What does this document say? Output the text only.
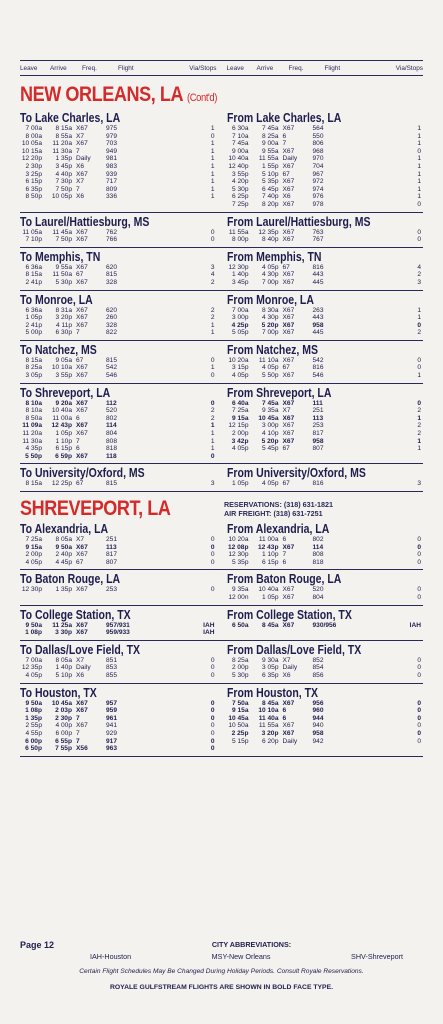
Leave	Arrive	Freq.	Flight	Via/Stops Leave	Arrive	Freq.	Flight	Via/Stops
NEW ORLEANS, LA (Cont'd)
To Lake Charles, LA
7 00a	8 15a X67	975	1
8 00a	8 55a X7	979	0
10 05a	11 20a X67	703	1
10 15a	11 30a 7	949	1
12 20p	1 35p Daily	981	1
2 30p	3 45p X6	983	1
3 25p	4 40p X67	939	1
6 15p	7 30p X7	717	1
6 35p	7 50p 7	809	1
8 50p	10 05p X6	336	1
From Lake Charles, LA
6 30a	7 45a X67	564	1
7 10a	8 25a 6	550	1
7 45a	9 00a 7	806	1
9 00a	9 55a X67	968	0
10 40a	11 55a Daily	970	1
12 40p	1 55p X67	704	1
3 55p	5 10p 67	967	1
4 20p	5 35p X67	972	1
5 30p	6 45p X67	974	1
6 25p	7 40p X6	976	1
7 25p	8 20p X67	978	0
To Laurel/Hattiesburg, MS
11 05a	11 45a X67	762	0
7 10p	7 50p X67	766	0
From Laurel/Hattiesburg, MS
11 55a	12 35p X67	763	0
8 00p	8 40p X67	767	0
To Memphis, TN
6 36a	9 55a X67	620	3
8 15a	11 50a 67	815	4
2 41p	5 30p X67	328	2
From Memphis, TN
12 30p	4 05p 67	816	4
1 40p	4 30p X67	443	2
3 45p	7 00p X67	445	3
To Monroe, LA
6 36a	8 31a X67	620	2
1 05p	3 20p X67	260	2
2 41p	4 11p X67	328	1
5 00p	6 30p 7	822	1
From Monroe, LA
7 00a	8 30a X67	263	1
3 00p	4 30p X67	443	1
4 25p	5 20p X67	958	0
5 05p	7 00p X67	445	2
To Natchez, MS
8 15a	9 05a 67	815	0
8 25a	10 10a X67	542	1
3 05p	3 55p X67	546	0
From Natchez, MS
10 20a	11 10a X67	542	0
3 15p	4 05p 67	816	0
4 05p	5 50p X67	546	1
To Shreveport, LA
8 10a	9 20a X67	112	0
8 10a	10 40a X67	520	2
8 50a	11 00a 6	802	2
11 09a	12 43p X67	114	1
11 20a	1 05p X67	804	1
11 30a	1 10p 7	808	1
4 35p	6 15p 6	818	1
5 50p	6 59p X67	118	0
From Shreveport, LA
6 40a	7 45a X67	111	0
7 25a	9 35a X7	251	2
9 15a	10 45a X67	113	1
12 15p	3 00p X67	253	2
2 00p	4 10p X67	817	2
3 42p	5 20p X67	958	1
4 05p	5 45p 67	807	1
To University/Oxford, MS
8 15a	12 25p 67	815	3
From University/Oxford, MS
1 05p	4 05p 67	816	3
SHREVEPORT, LA	RESERVATIONS: (318) 631-1821
AIR FREIGHT: (318) 631-7251
To Alexandria, LA
7 25a	8 05a X7	251	0
9 15a	9 50a X67	113	0
2 00p	2 40p X67	817	0
4 05p	4 45p 67	807	0
From Alexandria, LA
10 20a	11 00a 6	802	0
12 08p	12 43p X67	114	0
12 30p	1 10p 7	808	0
5 35p	6 15p 6	818	0
To Baton Rouge, LA
12 30p	1 35p X67	253	0
From Baton Rouge, LA
9 35a	10 40a X67	520	0
12 00n	1 05p X67	804	0
To College Station, TX
9 50a	11 25a X67	957/931	IAH
1 08p	3 30p X67	959/933	IAH
From College Station, TX
6 50a	8 45a X67	930/956	IAH
To Dallas/Love Field, TX
7 00a	8 05a X7	851	0
12 35p	1 40p Daily	853	0
4 05p	5 10p X6	855	0
From Dallas/Love Field, TX
8 25a	9 30a X7	852	0
2 00p	3 05p Daily	854	0
5 30p	6 35p X6	856	0
To Houston, TX
9 50a	10 45a X67	957	0
1 08p	2 03p X67	959	0
1 35p	2 30p 7	961	0
2 55p	4 00p X67	941	0
4 55p	6 00p 7	929	0
6 00p	6 55p 7	917	0
6 50p	7 55p X56	963	0
From Houston, TX
7 50a	8 45a X67	956	0
9 15a	10 10a 6	960	0
10 45a	11 40a 6	944	0
10 50a	11 55a X67	940	0
2 25p	3 20p X67	958	0
5 15p	6 20p Daily	942	0
Page 12	CITY ABBREVIATIONS:
IAH-Houston	MSY-New Orleans	SHV-Shreveport
Certain Flight Schedules May Be Changed During Holiday Periods. Consult Royale Reservations.
ROYALE GULFSTREAM FLIGHTS ARE SHOWN IN BOLD FACE TYPE.
